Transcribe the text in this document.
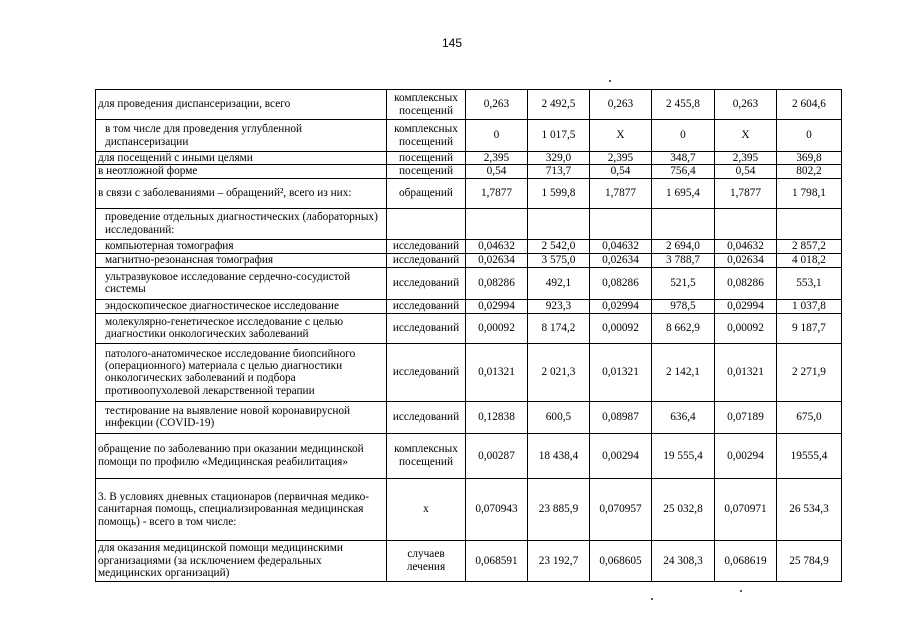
145
для проведения диспансеризации, всего	комплексных посещений	0,263	2 492,5	0,263	2 455,8	0,263	2 604,6
в том числе для проведения углубленной диспансеризации	комплексных посещений	0	1 017,5	X	0	X	0
для посещений с иными целями	посещений	2,395	329,0	2,395	348,7	2,395	369,8
в неотложной форме	посещений	0,54	713,7	0,54	756,4	0,54	802,2
в связи с заболеваниями – обращений², всего из них:	обращений	1,7877	1 599,8	1,7877	1 695,4	1,7877	1 798,1
проведение отдельных диагностических (лабораторных) исследований:							
компьютерная томография	исследований	0,04632	2 542,0	0,04632	2 694,0	0,04632	2 857,2
магнитно-резонансная томография	исследований	0,02634	3 575,0	0,02634	3 788,7	0,02634	4 018,2
ультразвуковое исследование сердечно-сосудистой системы	исследований	0,08286	492,1	0,08286	521,5	0,08286	553,1
эндоскопическое диагностическое исследование	исследований	0,02994	923,3	0,02994	978,5	0,02994	1 037,8
молекулярно-генетическое исследование с целью диагностики онкологических заболеваний	исследований	0,00092	8 174,2	0,00092	8 662,9	0,00092	9 187,7
патолого-анатомическое исследование биопсийного (операционного) материала с целью диагностики онкологических заболеваний и подбора противоопухолевой лекарственной терапии	исследований	0,01321	2 021,3	0,01321	2 142,1	0,01321	2 271,9
тестирование на выявление новой коронавирусной инфекции (COVID-19)	исследований	0,12838	600,5	0,08987	636,4	0,07189	675,0
обращение по заболеванию при оказании медицинской помощи по профилю «Медицинская реабилитация»	комплексных посещений	0,00287	18 438,4	0,00294	19 555,4	0,00294	19555,4
3. В условиях дневных стационаров (первичная медико-санитарная помощь, специализированная медицинская помощь) - всего в том числе:	х	0,070943	23 885,9	0,070957	25 032,8	0,070971	26 534,3
для оказания медицинской помощи медицинскими организациями (за исключением федеральных медицинских организаций)	случаев лечения	0,068591	23 192,7	0,068605	24 308,3	0,068619	25 784,9
